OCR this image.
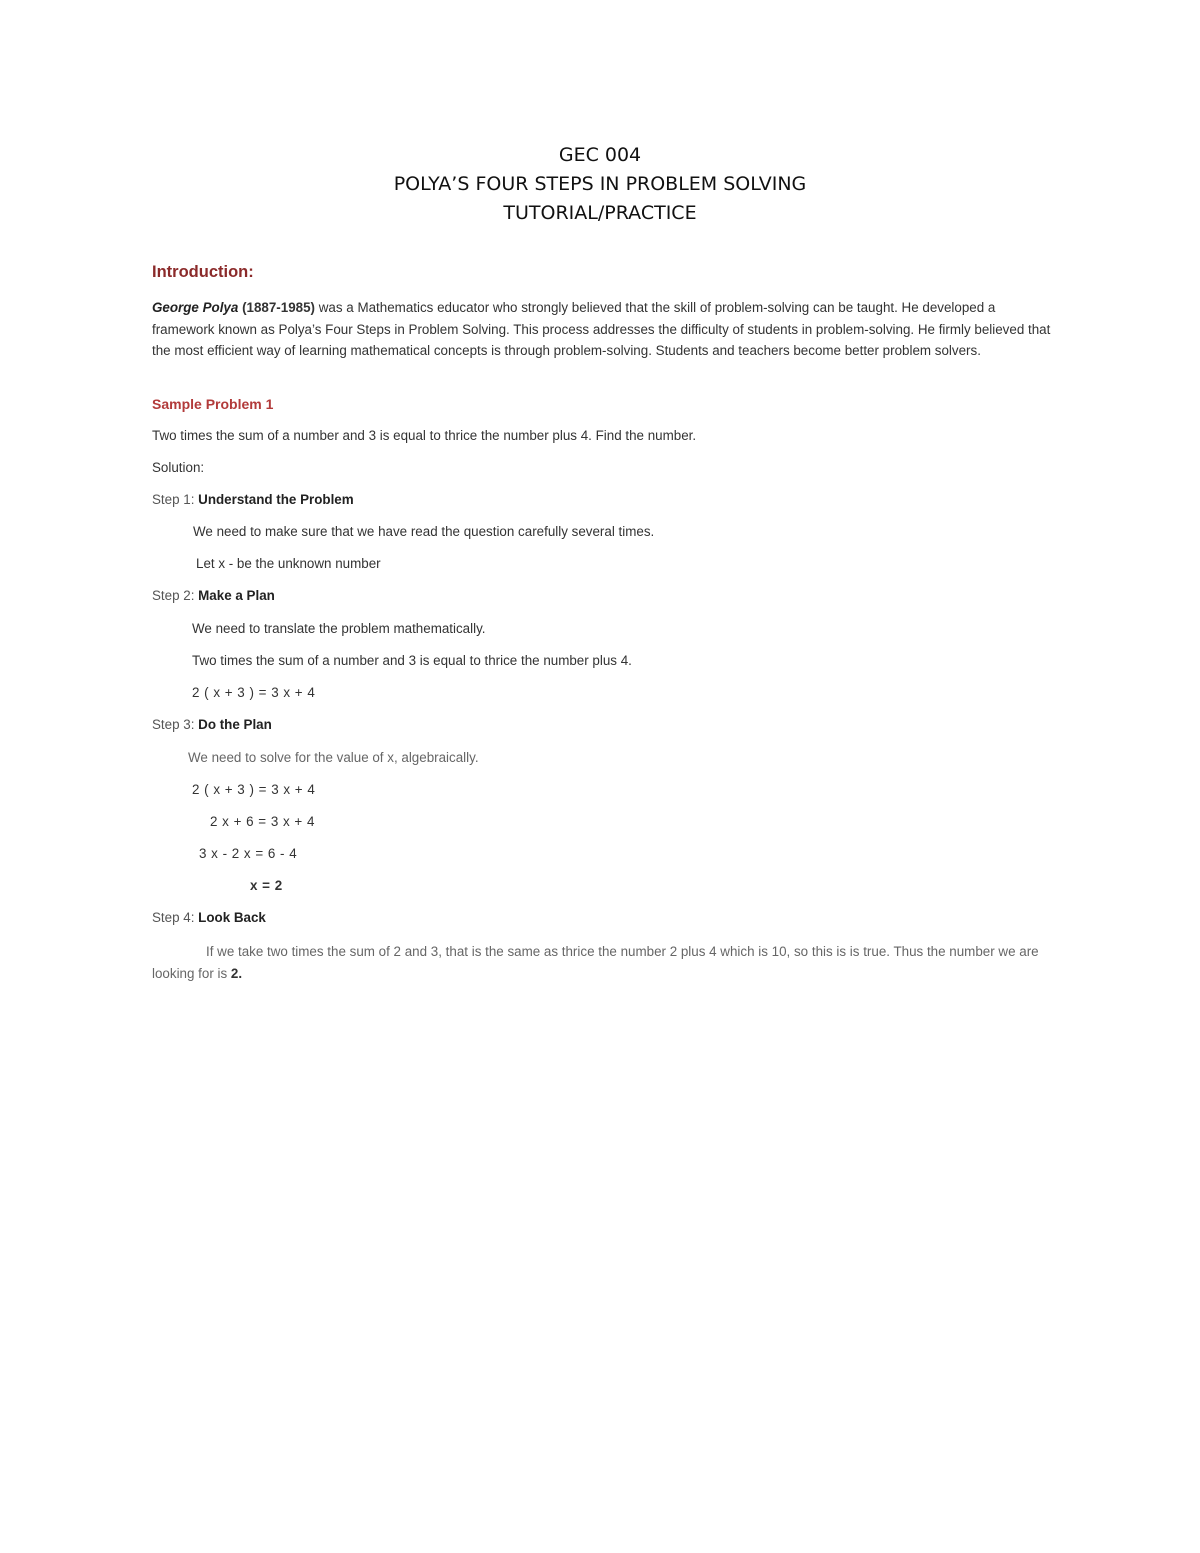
GEC 004
POLYA’S FOUR STEPS IN PROBLEM SOLVING
TUTORIAL/PRACTICE
Introduction:
George Polya (1887-1985) was a Mathematics educator who strongly believed that the skill of problem-solving can be taught. He developed a framework known as Polya’s Four Steps in Problem Solving. This process addresses the difficulty of students in problem-solving. He firmly believed that the most efficient way of learning mathematical concepts is through problem-solving. Students and teachers become better problem solvers.
Sample Problem 1
Two times the sum of a number and 3 is equal to thrice the number plus 4. Find the number.
Solution:
Step 1: Understand the Problem
We need to make sure that we have read the question carefully several times.
Let x - be the unknown number
Step 2: Make a Plan
We need to translate the problem mathematically.
Two times the sum of a number and 3 is equal to thrice the number plus 4.
2 ( x + 3 ) = 3 x + 4
Step 3: Do the Plan
We need to solve for the value of x, algebraically.
2 ( x + 3 ) = 3 x + 4
2 x + 6 = 3 x + 4
3 x - 2 x = 6 - 4
x = 2
Step 4: Look Back
If we take two times the sum of 2 and 3, that is the same as thrice the number 2 plus 4 which is 10, so this is is true. Thus the number we are looking for is 2.
